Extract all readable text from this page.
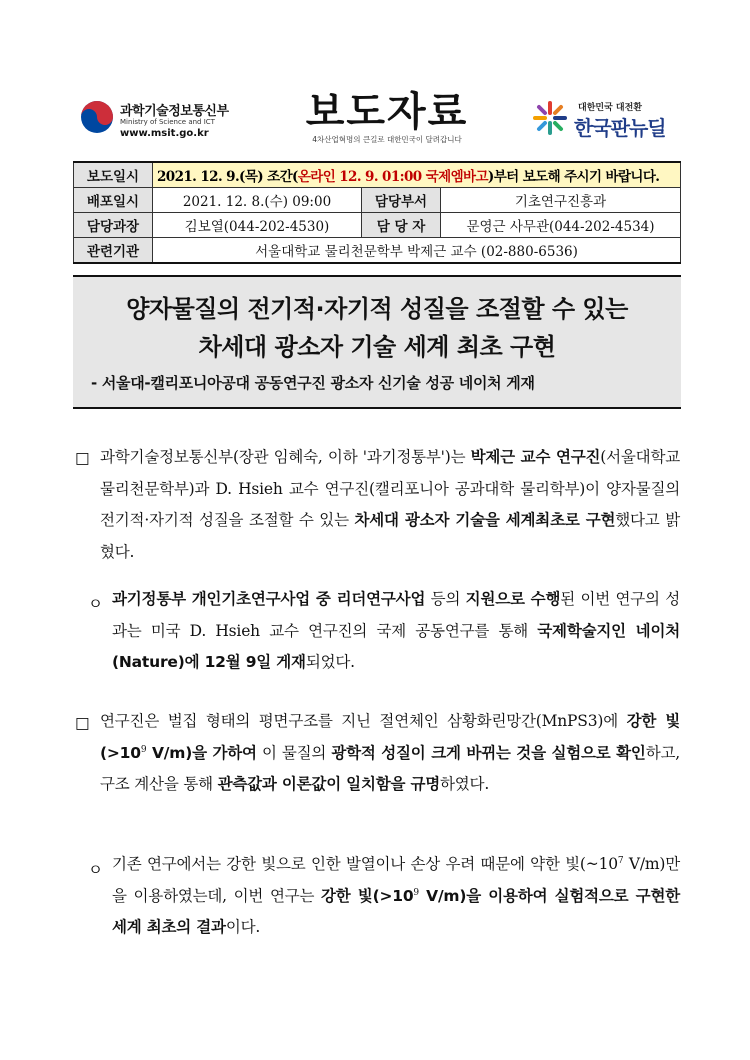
과학기술정보통신부
Ministry of Science and ICT
www.msit.go.kr 보도자료
4차산업혁명의 큰길로 대한민국이 달려갑니다
대한민국 대전환
한국판뉴딜
보도일시	2021. 12. 9.(목) 조간(온라인 12. 9. 01:00 국제엠바고)부터 보도해 주시기 바랍니다.		
배포일시	2021. 12. 8.(수) 09:00	담당부서	기초연구진흥과
담당과장	김보열(044-202-4530)	담 당 자	문영근 사무관(044-202-4534)
관련기관	서울대학교 물리천문학부 박제근 교수 (02-880-6536)		
양자물질의 전기적·자기적 성질을 조절할 수 있는
차세대 광소자 기술 세계 최초 구현
- 서울대-캘리포니아공대 공동연구진 광소자 신기술 성공 네이처 게재
□ 과학기술정보통신부(장관 임혜숙, 이하 '과기정통부')는 박제근 교수 연구진(서울대학교 물리천문학부)과 D. Hsieh 교수 연구진(캘리포니아 공과대학 물리학부)이 양자물질의 전기적·자기적 성질을 조절할 수 있는 차세대 광소자 기술을 세계최초로 구현했다고 밝혔다.
ㅇ 과기정통부 개인기초연구사업 중 리더연구사업 등의 지원으로 수행된 이번 연구의 성과는 미국 D. Hsieh 교수 연구진의 국제 공동연구를 통해 국제학술지인 네이처(Nature)에 12월 9일 게재되었다.
□ 연구진은 벌집 형태의 평면구조를 지닌 절연체인 삼황화린망간(MnPS3)에 강한 빛($>10^9$ V/m)을 가하여 이 물질의 광학적 성질이 크게 바뀌는 것을 실험으로 확인하고, 구조 계산을 통해 관측값과 이론값이 일치함을 규명하였다.
ㅇ 기존 연구에서는 강한 빛으로 인한 발열이나 손상 우려 때문에 약한 빛($\sim 10^7$ V/m)만을 이용하였는데, 이번 연구는 강한 빛($>10^9$ V/m)을 이용하여 실험적으로 구현한 세계 최초의 결과이다.
